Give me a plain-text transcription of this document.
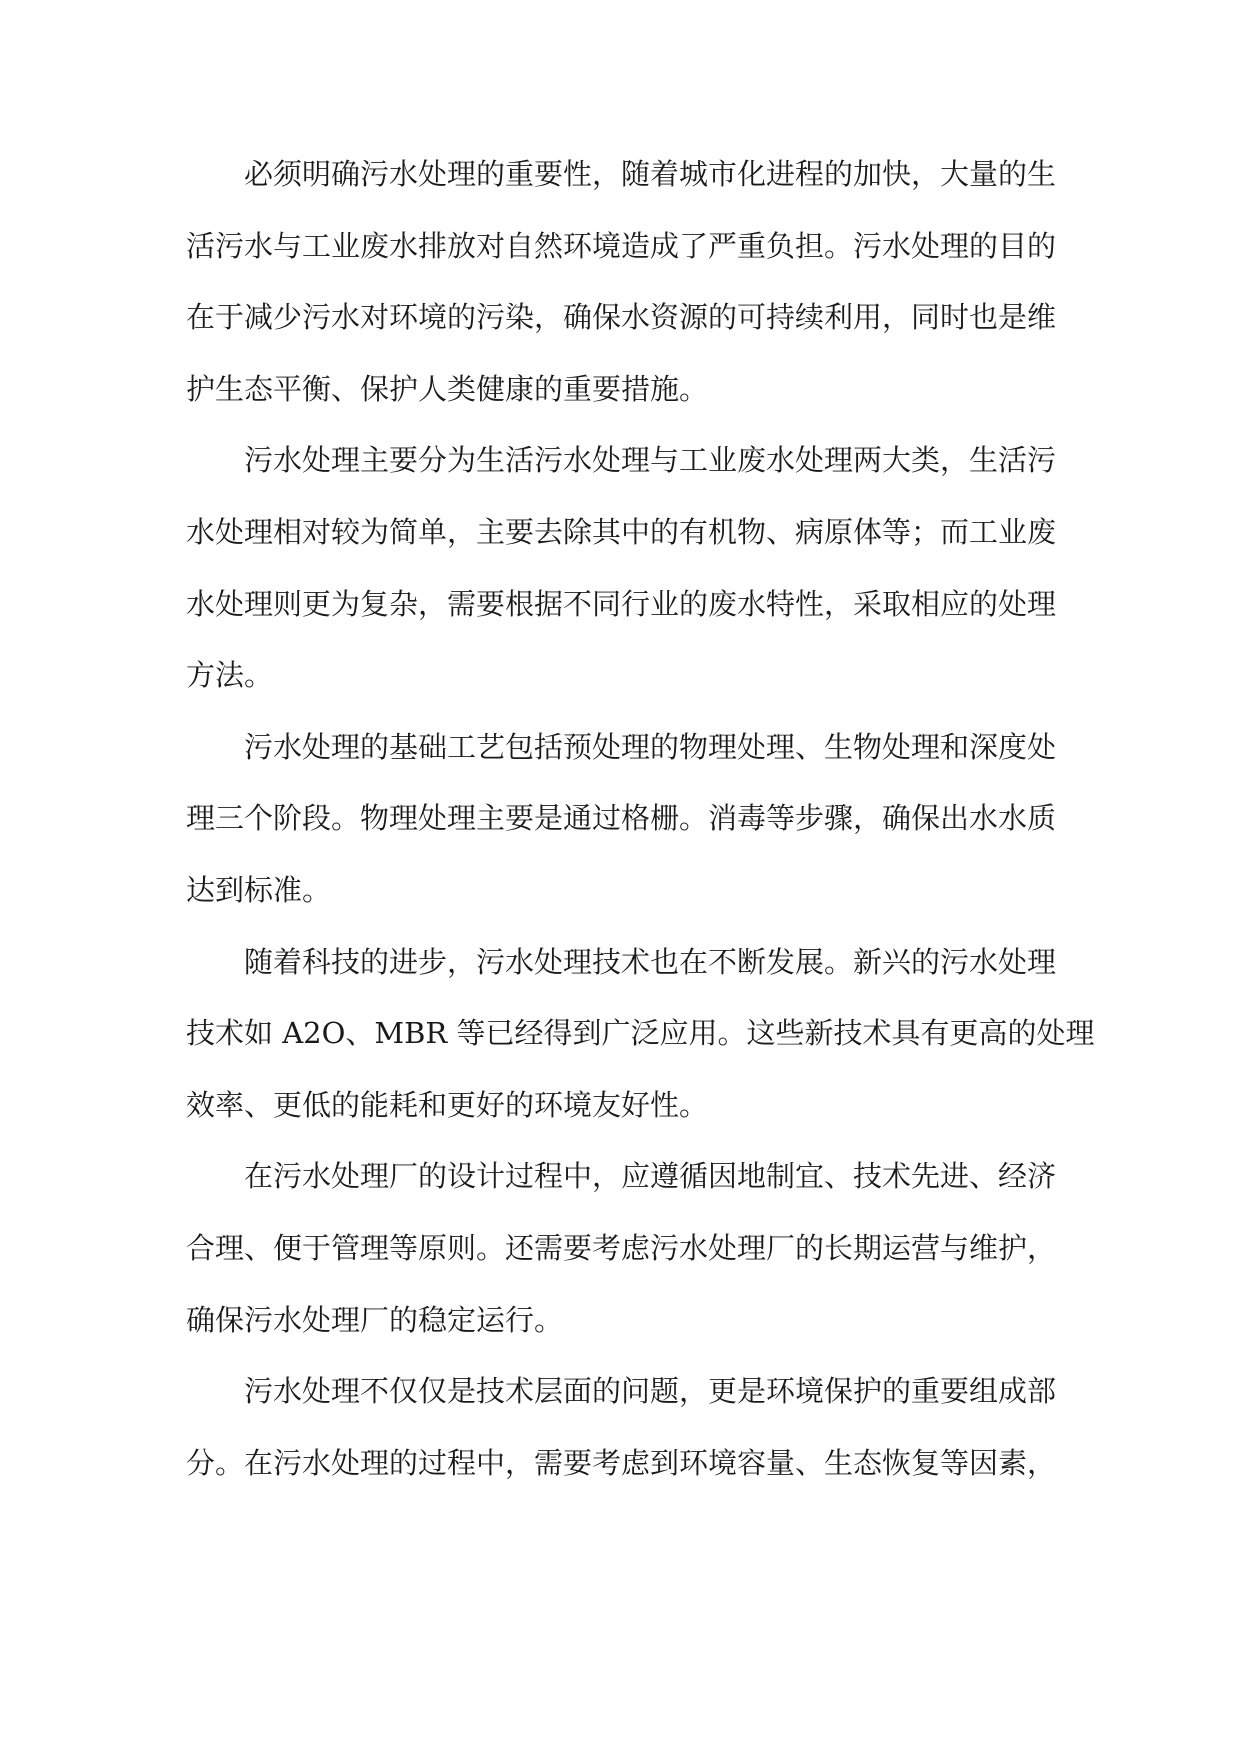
必须明确污水处理的重要性，随着城市化进程的加快，大量的生
活污水与工业废水排放对自然环境造成了严重负担。污水处理的目的
在于减少污水对环境的污染，确保水资源的可持续利用，同时也是维
护生态平衡、保护人类健康的重要措施。
污水处理主要分为生活污水处理与工业废水处理两大类，生活污
水处理相对较为简单，主要去除其中的有机物、病原体等；而工业废
水处理则更为复杂，需要根据不同行业的废水特性，采取相应的处理
方法。
污水处理的基础工艺包括预处理的物理处理、生物处理和深度处
理三个阶段。物理处理主要是通过格栅。消毒等步骤，确保出水水质
达到标准。
随着科技的进步，污水处理技术也在不断发展。新兴的污水处理
技术如 A2O、MBR 等已经得到广泛应用。这些新技术具有更高的处理
效率、更低的能耗和更好的环境友好性。
在污水处理厂的设计过程中，应遵循因地制宜、技术先进、经济
合理、便于管理等原则。还需要考虑污水处理厂的长期运营与维护，
确保污水处理厂的稳定运行。
污水处理不仅仅是技术层面的问题，更是环境保护的重要组成部
分。在污水处理的过程中，需要考虑到环境容量、生态恢复等因素，
